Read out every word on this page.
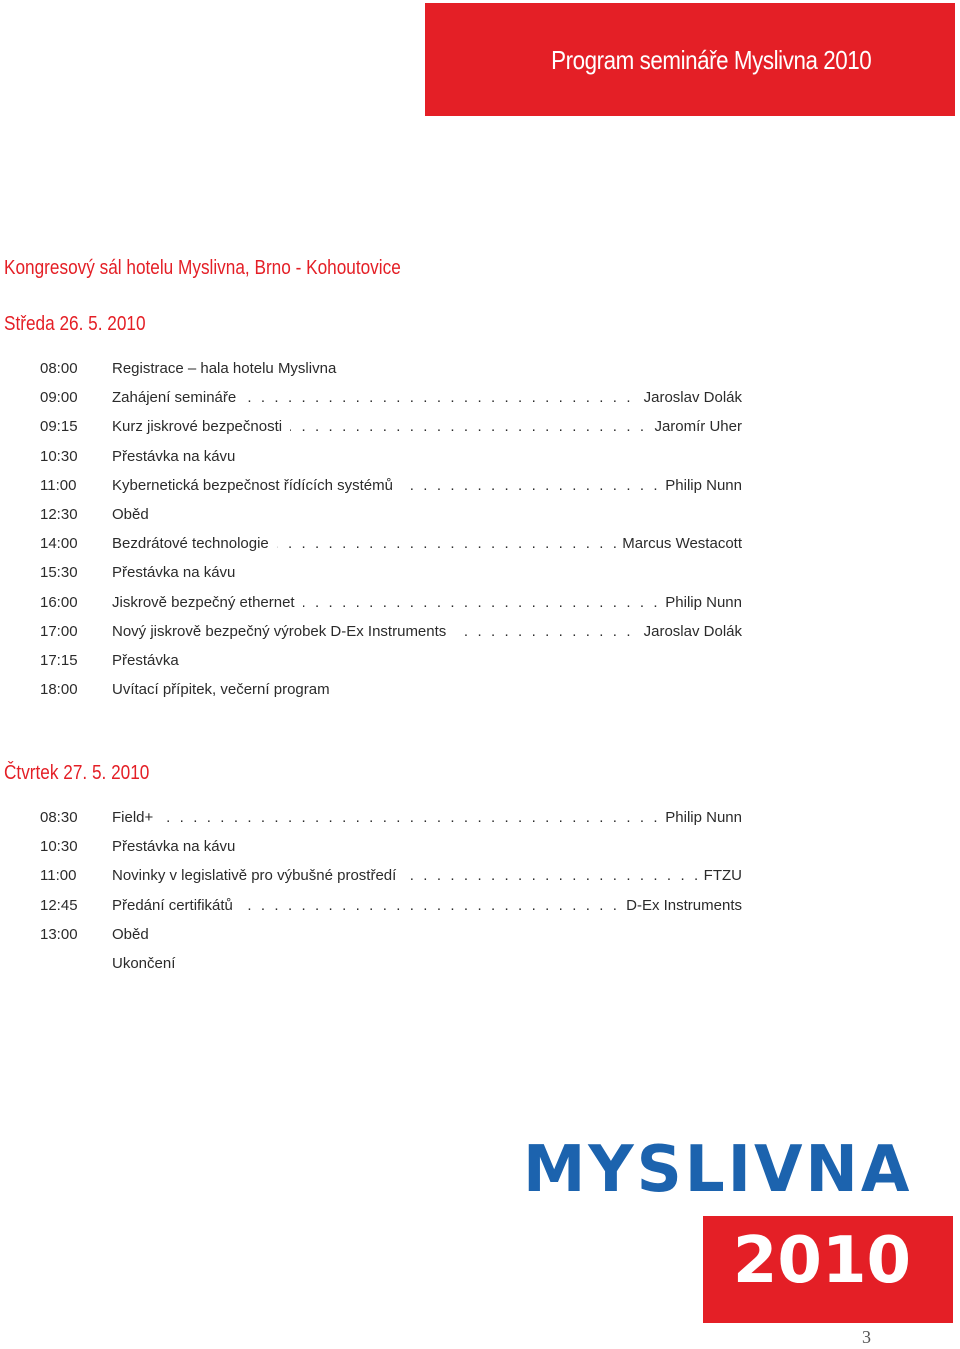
Program semináře Myslivna 2010
Kongresový sál hotelu Myslivna, Brno - Kohoutovice
Středa 26. 5. 2010
08:00	Registrace – hala hotelu Myslivna
09:00	Zahájení semináře . . .	Jaroslav Dolák
09:15	Kurz jiskrové bezpečnosti . . .	Jaromír Uher
10:30	Přestávka na kávu
11:00	Kybernetická bezpečnost řídících systémů . . .	Philip Nunn
12:30	Oběd
14:00	Bezdrátové technologie . . .	Marcus Westacott
15:30	Přestávka na kávu
16:00	Jiskrově bezpečný ethernet . . .	Philip Nunn
17:00	Nový jiskrově bezpečný výrobek D-Ex Instruments . . .	Jaroslav Dolák
17:15	Přestávka
18:00	Uvítací přípitek, večerní program
Čtvrtek 27. 5. 2010
08:30	Field+ . . .	Philip Nunn
10:30	Přestávka na kávu
11:00	Novinky v legislativě pro výbušné prostředí . . .	FTZU
12:45	Předání certifikátů . . .	D-Ex Instruments
13:00	Oběd
Ukončení
MYSLIVNA
2010
3
